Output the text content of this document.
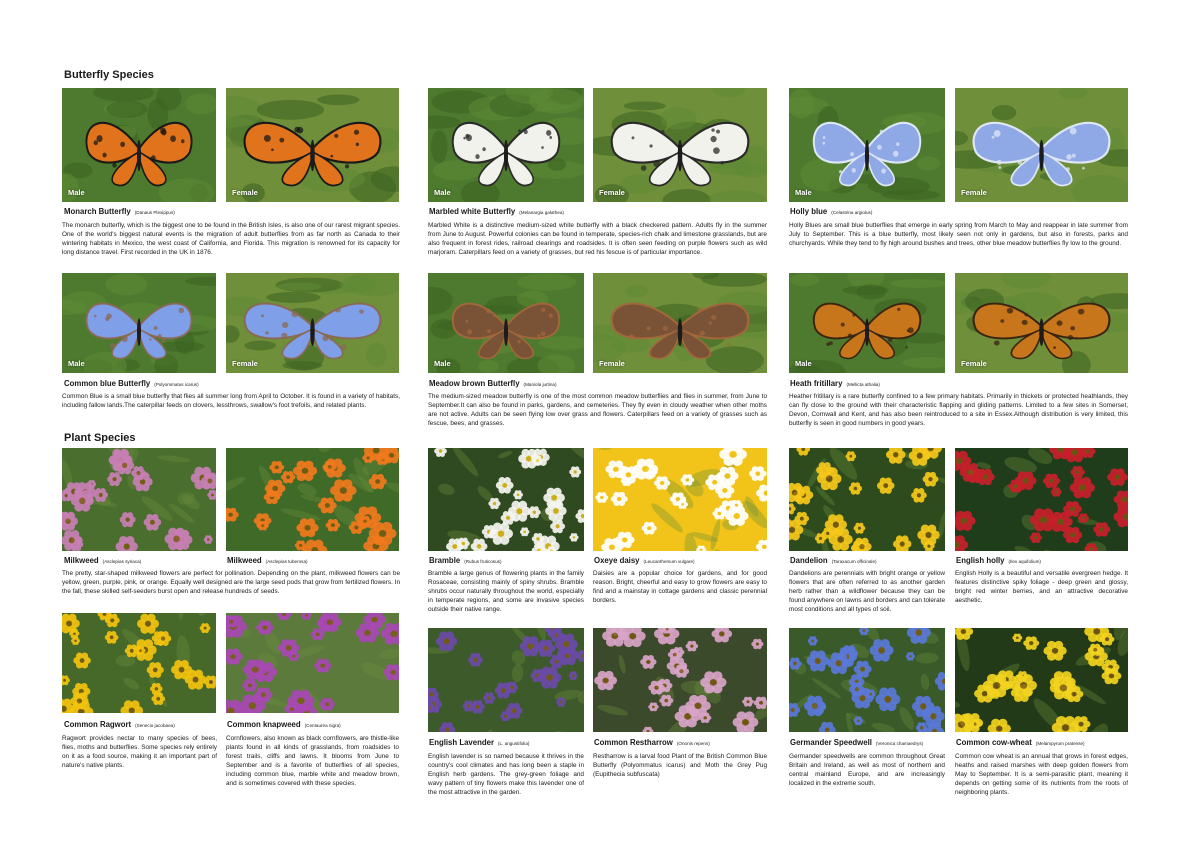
Butterfly Species
Plant Species
Male	Female
Monarch Butterfly (Danaus Plexippus)

The monarch butterfly, which is the biggest one to be found in the British Isles, is also one of our rarest migrant species. One of the world's biggest natural events is the migration of adult butterflies from as far north as Canada to their wintering habitats in Mexico, the west coast of California, and Florida. This migration is renowned for its capacity for long distance travel. First recorded in the UK in 1876.

Male	Female
Marbled white Butterfly (Melanargia galathea)

Marbled White is a distinctive medium-sized white butterfly with a black checkered pattern. Adults fly in the summer from June to August. Powerful colonies can be found in temperate, species-rich chalk and limestone grasslands, but are also frequent in forest rides, railroad clearings and roadsides. It is often seen feeding on purple flowers such as wild marjoram. Caterpillars feed on a variety of grasses, but red his fescue is of particular importance.

Male	Female
Holly blue (Celastrina argiolus)

Holly Blues are small blue butterflies that emerge in early spring from March to May and reappear in late summer from July to September. This is a blue butterfly, most likely seen not only in gardens, but also in forests, parks and churchyards. While they tend to fly high around bushes and trees, other blue meadow butterflies fly low to the ground.

Male	Female
Common blue Butterfly (Polyommatus icarus)

Common Blue is a small blue butterfly that flies all summer long from April to October. It is found in a variety of habitats, including fallow lands.The caterpillar feeds on clovers, lessthrows, swallow's foot trefoils, and related plants.

Male	Female
Meadow brown Butterfly (Maniola jurtina)

The medium-sized meadow butterfly is one of the most common meadow butterflies and flies in summer, from June to September.It can also be found in parks, gardens, and cemeteries. They fly even in cloudy weather when other moths are not active. Adults can be seen flying low over grass and flowers. Caterpillars feed on a variety of grasses such as fescue, bees, and grasses.

Male	Female
Heath fritillary (Mellicta athalia)

Heather fritillary is a rare butterfly confined to a few primary habitats. Primarily in thickets or protected heathlands, they can fly close to the ground with their characteristic flapping and gliding patterns. Limited to a few sites in Somerset, Devon, Cornwall and Kent, and has also been reintroduced to a site in Essex.Although distribution is very limited, this butterfly is seen in good numbers in good years.

Milkweed (Asclepias syriaca)	Milkweed (Asclepias tuberosa)

The pretty, star-shaped milkweed flowers are perfect for pollination. Depending on the plant, milkweed flowers can be yellow, green, purple, pink, or orange. Equally well designed are the large seed pods that grow from fertilized flowers. In the fall, these skilled self-seeders burst open and release hundreds of seeds.

Bramble (Rubus fruticosus)	Oxeye daisy (Leucanthemum vulgare)

Bramble a large genus of flowering plants in the family Rosaceae, consisting mainly of spiny shrubs. Bramble shrubs occur naturally throughout the world, especially in temperate regions, and some are invasive species outside their native range.

Daisies are a popular choice for gardens, and for good reason. Bright, cheerful and easy to grow flowers are easy to find and a mainstay in cottage gardens and classic perennial borders.

Dandelion (Taraxacum officinale)	English holly (Ilex aquifolium)

Dandelions are perennials with bright orange or yellow flowers that are often referred to as another garden herb rather than a wildflower because they can be found anywhere on lawns and borders and can tolerate most conditions and all types of soil.

English Holly is a beautiful and versatile evergreen hedge. It features distinctive spiky foliage - deep green and glossy, bright red winter berries, and an attractive decorative aesthetic.

Common Ragwort (Senecio jacobaea)	Common knapweed (Centaurea nigra)

Ragwort provides nectar to many species of bees, flies, moths and butterflies. Some species rely entirely on it as a food source, making it an important part of nature's native plants.

Cornflowers, also known as black cornflowers, are thistle-like plants found in all kinds of grasslands, from roadsides to forest trails, cliffs and lawns. It blooms from June to September and is a favorite of butterflies of all species, including common blue, marble white and meadow brown, and is sometimes covered with these species.

English Lavender (L. angustifolia)	Common Restharrow (Ononis repens)

English lavender is so named because it thrives in the country's cool climates and has long been a staple in English herb gardens. The grey-green foliage and wavy pattern of tiny flowers make this lavender one of the most attractive in the garden.

Restharrow is a larval food Plant of the British Common Blue Butterfly (Polyommatus icarus) and Moth the Grey Pug (Eupithecia subfuscata)

Germander Speedwell (Veronica chamaedrys)	Common cow-wheat (Melampyrum pratense)

Germander speedwells are common throughout Great Britain and Ireland, as well as most of northern and central mainland Europe, and are increasingly localized in the extreme south.

Common cow wheat is an annual that grows in forest edges, heaths and raised marshes with deep golden flowers from May to September. It is a semi-parasitic plant, meaning it depends on getting some of its nutrients from the roots of neighboring plants.
